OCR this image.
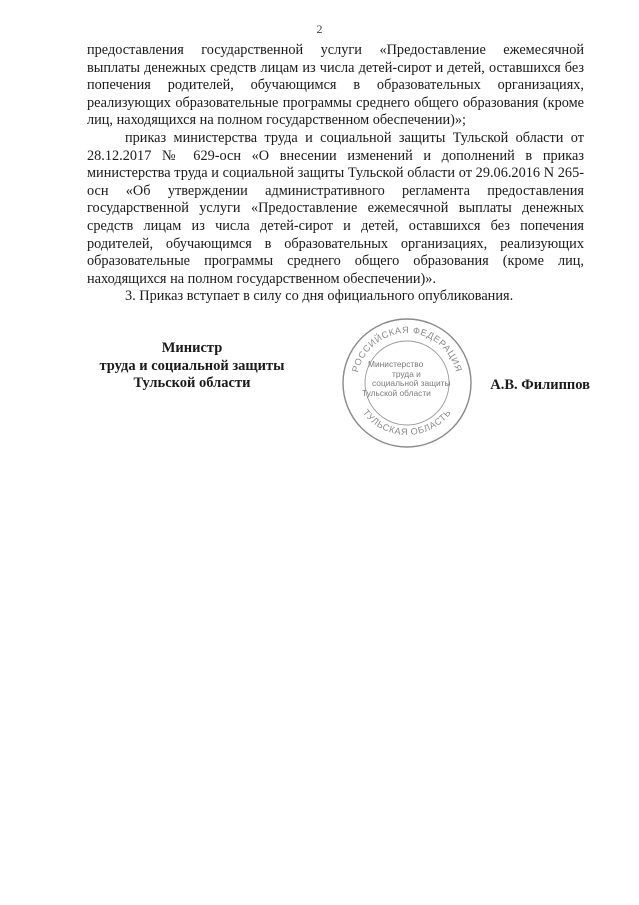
2

предоставления государственной услуги «Предоставление ежемесячной выплаты денежных средств лицам из числа детей-сирот и детей, оставшихся без попечения родителей, обучающимся в образовательных организациях, реализующих образовательные программы среднего общего образования (кроме лиц, находящихся на полном государственном обеспечении)»;

приказ министерства труда и социальной защиты Тульской области от 28.12.2017 № 629-осн «О внесении изменений и дополнений в приказ министерства труда и социальной защиты Тульской области от 29.06.2016 N 265-осн «Об утверждении административного регламента предоставления государственной услуги «Предоставление ежемесячной выплаты денежных средств лицам из числа детей-сирот и детей, оставшихся без попечения родителей, обучающимся в образовательных организациях, реализующих образовательные программы среднего общего образования (кроме лиц, находящихся на полном государственном обеспечении)».

3. Приказ вступает в силу со дня официального опубликования.

Министр
труда и социальной защиты
Тульской области
РОССИЙСКАЯ ФЕДЕРАЦИЯ
ТУЛЬСКАЯ ОБЛАСТЬ
Министерство
труда и
социальной защиты
Тульской области	А.В. Филиппов
